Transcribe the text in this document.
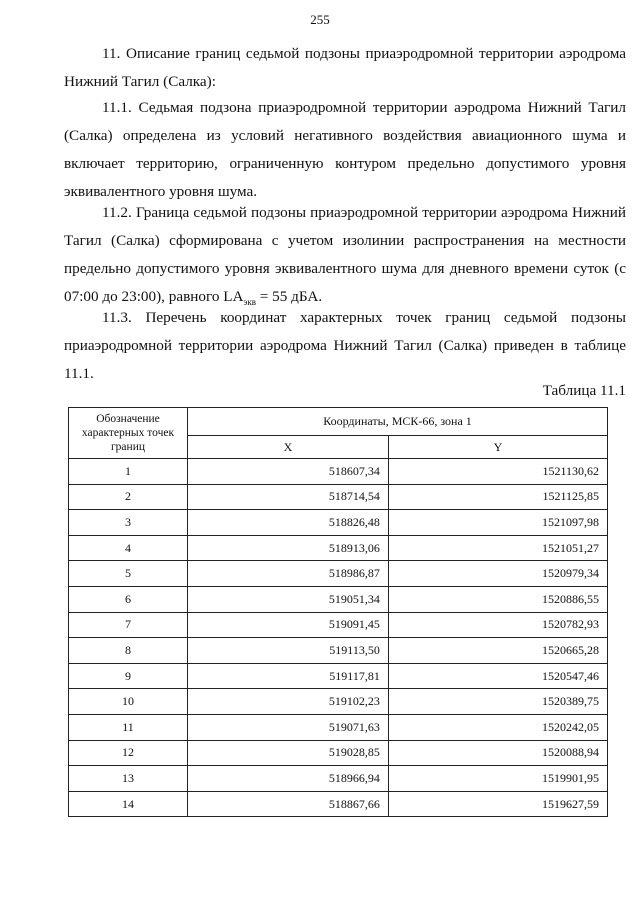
255

11. Описание границ седьмой подзоны приаэродромной территории аэродрома Нижний Тагил (Салка):

11.1. Седьмая подзона приаэродромной территории аэродрома Нижний Тагил (Салка) определена из условий негативного воздействия авиационного шума и включает территорию, ограниченную контуром предельно допустимого уровня эквивалентного уровня шума.

11.2. Граница седьмой подзоны приаэродромной территории аэродрома Нижний Тагил (Салка) сформирована с учетом изолинии распространения на местности предельно допустимого уровня эквивалентного шума для дневного времени суток (с 07:00 до 23:00), равного $LA_{экв} = 55$ дБА.

11.3. Перечень координат характерных точек границ седьмой подзоны приаэродромной территории аэродрома Нижний Тагил (Салка) приведен в таблице 11.1.

Таблица 11.1
Обозначение характерных точек границ	Координаты, МСК-66, зона 1	
	X	Y
1	518607,34	1521130,62
2	518714,54	1521125,85
3	518826,48	1521097,98
4	518913,06	1521051,27
5	518986,87	1520979,34
6	519051,34	1520886,55
7	519091,45	1520782,93
8	519113,50	1520665,28
9	519117,81	1520547,46
10	519102,23	1520389,75
11	519071,63	1520242,05
12	519028,85	1520088,94
13	518966,94	1519901,95
14	518867,66	1519627,59
